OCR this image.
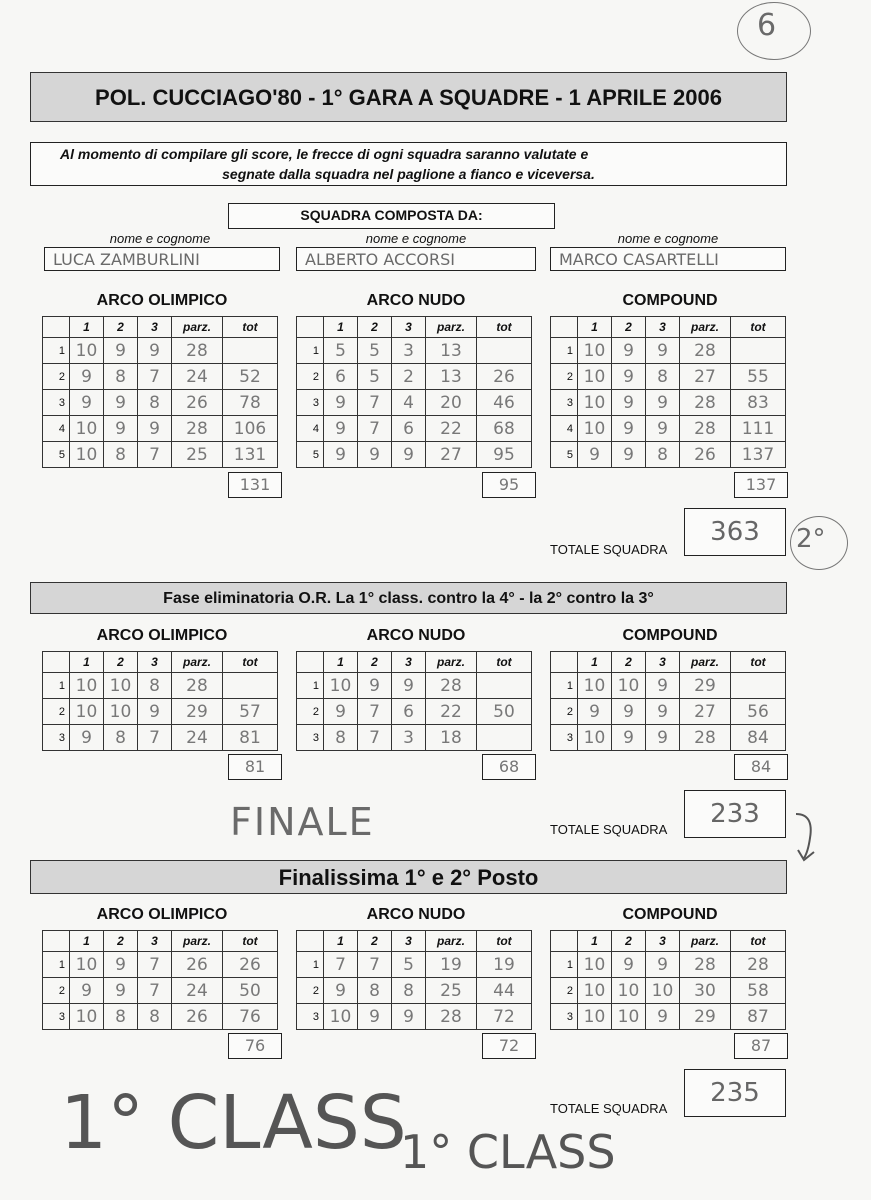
6
POL. CUCCIAGO'80 - 1° GARA A SQUADRE - 1 APRILE 2006
Al momento di compilare gli score, le frecce di ogni squadra saranno valutate e
segnate dalla squadra nel paglione a fianco e viceversa.
SQUADRA COMPOSTA DA:
nome e cognome	nome e cognome	nome e cognome
LUCA ZAMBURLINI	ALBERTO ACCORSI	MARCO CASARTELLI
ARCO OLIMPICO	ARCO NUDO	COMPOUND
	1	2	3	parz.	tot
1	10	9	9	28	
2	9	8	7	24	52
3	9	9	8	26	78
4	10	9	9	28	106
5	10	8	7	25	131
	1	2	3	parz.	tot
1	5	5	3	13	
2	6	5	2	13	26
3	9	7	4	20	46
4	9	7	6	22	68
5	9	9	9	27	95
	1	2	3	parz.	tot
1	10	9	9	28	
2	10	9	8	27	55
3	10	9	9	28	83
4	10	9	9	28	111
5	9	9	8	26	137
131	95	137
TOTALE SQUADRA
363	2°
Fase eliminatoria O.R. La 1° class. contro la 4° - la 2° contro la 3°
ARCO OLIMPICO	ARCO NUDO	COMPOUND
	1	2	3	parz.	tot
1	10	10	8	28	
2	10	10	9	29	57
3	9	8	7	24	81
	1	2	3	parz.	tot
1	10	9	9	28	
2	9	7	6	22	50
3	8	7	3	18	
	1	2	3	parz.	tot
1	10	10	9	29	
2	9	9	9	27	56
3	10	9	9	28	84
81	68	84
FINALE	TOTALE SQUADRA
233
Finalissima 1° e 2° Posto
ARCO OLIMPICO	ARCO NUDO	COMPOUND
	1	2	3	parz.	tot
1	10	9	7	26	26
2	9	9	7	24	50
3	10	8	8	26	76
	1	2	3	parz.	tot
1	7	7	5	19	19
2	9	8	8	25	44
3	10	9	9	28	72
	1	2	3	parz.	tot
1	10	9	9	28	28
2	10	10	10	30	58
3	10	10	9	29	87
76	72	87
TOTALE SQUADRA
235
1° CLASS
1° CLASS
